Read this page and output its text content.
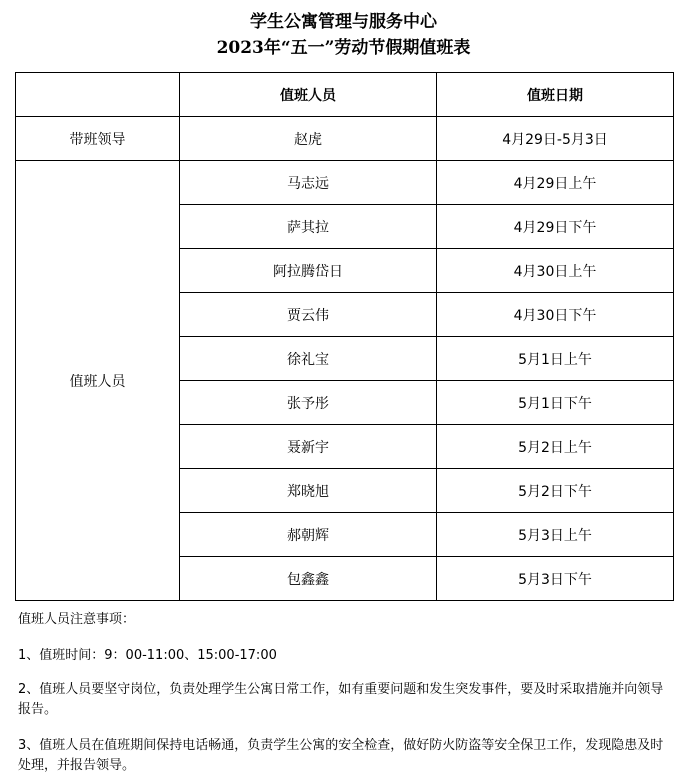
学生公寓管理与服务中心
2023年“五一”劳动节假期值班表
	值班人员	值班日期
带班领导	赵虎	4月29日-5月3日
值班人员	马志远	4月29日上午
	萨其拉	4月29日下午
	阿拉腾岱日	4月30日上午
	贾云伟	4月30日下午
	徐礼宝	5月1日上午
	张予彤	5月1日下午
	聂新宇	5月2日上午
	郑晓旭	5月2日下午
	郝朝辉	5月3日上午
	包鑫鑫	5月3日下午

值班人员注意事项：

1、值班时间：9：00-11:00、15:00-17:00

2、值班人员要坚守岗位，负责处理学生公寓日常工作，如有重要问题和发生突发事件，要及时采取措施并向领导报告。

3、值班人员在值班期间保持电话畅通，负责学生公寓的安全检查，做好防火防盗等安全保卫工作，发现隐患及时处理，并报告领导。
